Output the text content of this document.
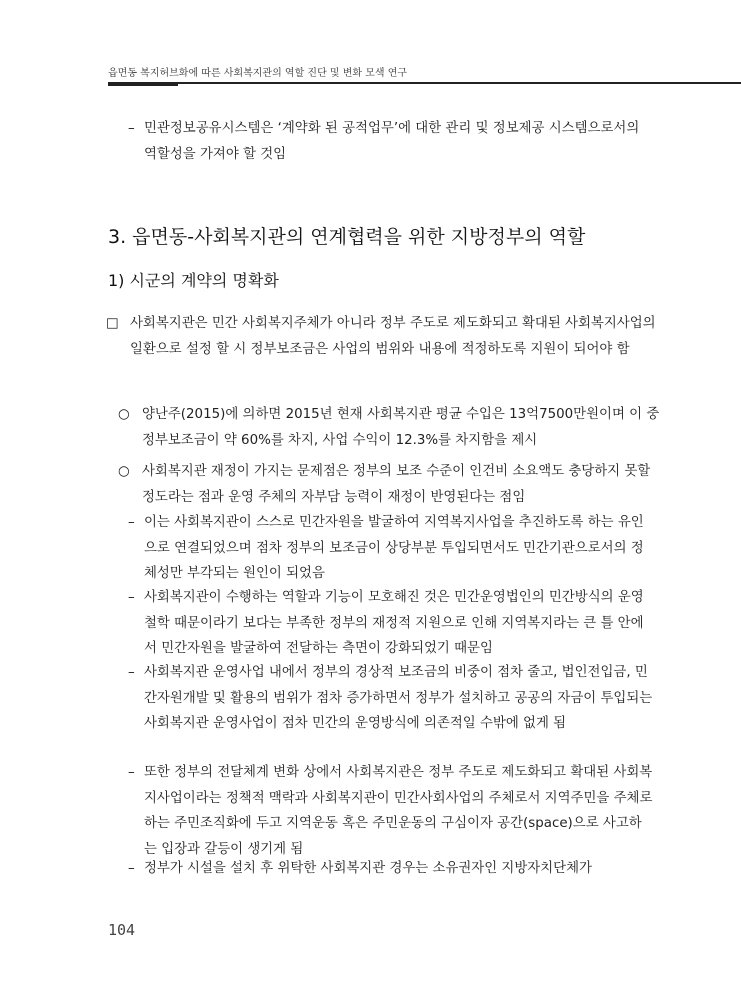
읍면동 복지허브화에 따른 사회복지관의 역할 진단 및 변화 모색 연구
– 민관정보공유시스템은 ‘계약화 된 공적업무’에 대한 관리 및 정보제공 시스템으로서의 역할성을 가져야 할 것임
3. 읍면동-사회복지관의 연계협력을 위한 지방정부의 역할
1) 시군의 계약의 명확화
□ 사회복지관은 민간 사회복지주체가 아니라 정부 주도로 제도화되고 확대된 사회복지사업의 일환으로 설정 할 시 정부보조금은 사업의 범위와 내용에 적정하도록 지원이 되어야 함
○ 양난주(2015)에 의하면 2015년 현재 사회복지관 평균 수입은 13억7500만원이며 이 중 정부보조금이 약 60%를 차지, 사업 수익이 12.3%를 차지함을 제시
○ 사회복지관 재정이 가지는 문제점은 정부의 보조 수준이 인건비 소요액도 충당하지 못할 정도라는 점과 운영 주체의 자부담 능력이 재정이 반영된다는 점임
– 이는 사회복지관이 스스로 민간자원을 발굴하여 지역복지사업을 추진하도록 하는 유인으로 연결되었으며 점차 정부의 보조금이 상당부분 투입되면서도 민간기관으로서의 정체성만 부각되는 원인이 되었음
– 사회복지관이 수행하는 역할과 기능이 모호해진 것은 민간운영법인의 민간방식의 운영철학 때문이라기 보다는 부족한 정부의 재정적 지원으로 인해 지역복지라는 큰 틀 안에서 민간자원을 발굴하여 전달하는 측면이 강화되었기 때문임
– 사회복지관 운영사업 내에서 정부의 경상적 보조금의 비중이 점차 줄고, 법인전입금, 민간자원개발 및 활용의 범위가 점차 증가하면서 정부가 설치하고 공공의 자금이 투입되는 사회복지관 운영사업이 점차 민간의 운영방식에 의존적일 수밖에 없게 됨
– 또한 정부의 전달체계 변화 상에서 사회복지관은 정부 주도로 제도화되고 확대된 사회복지사업이라는 정책적 맥락과 사회복지관이 민간사회사업의 주체로서 지역주민을 주체로 하는 주민조직화에 두고 지역운동 혹은 주민운동의 구심이자 공간(space)으로 사고하는 입장과 갈등이 생기게 됨
– 정부가 시설을 설치 후 위탁한 사회복지관 경우는 소유권자인 지방자치단체가
104
